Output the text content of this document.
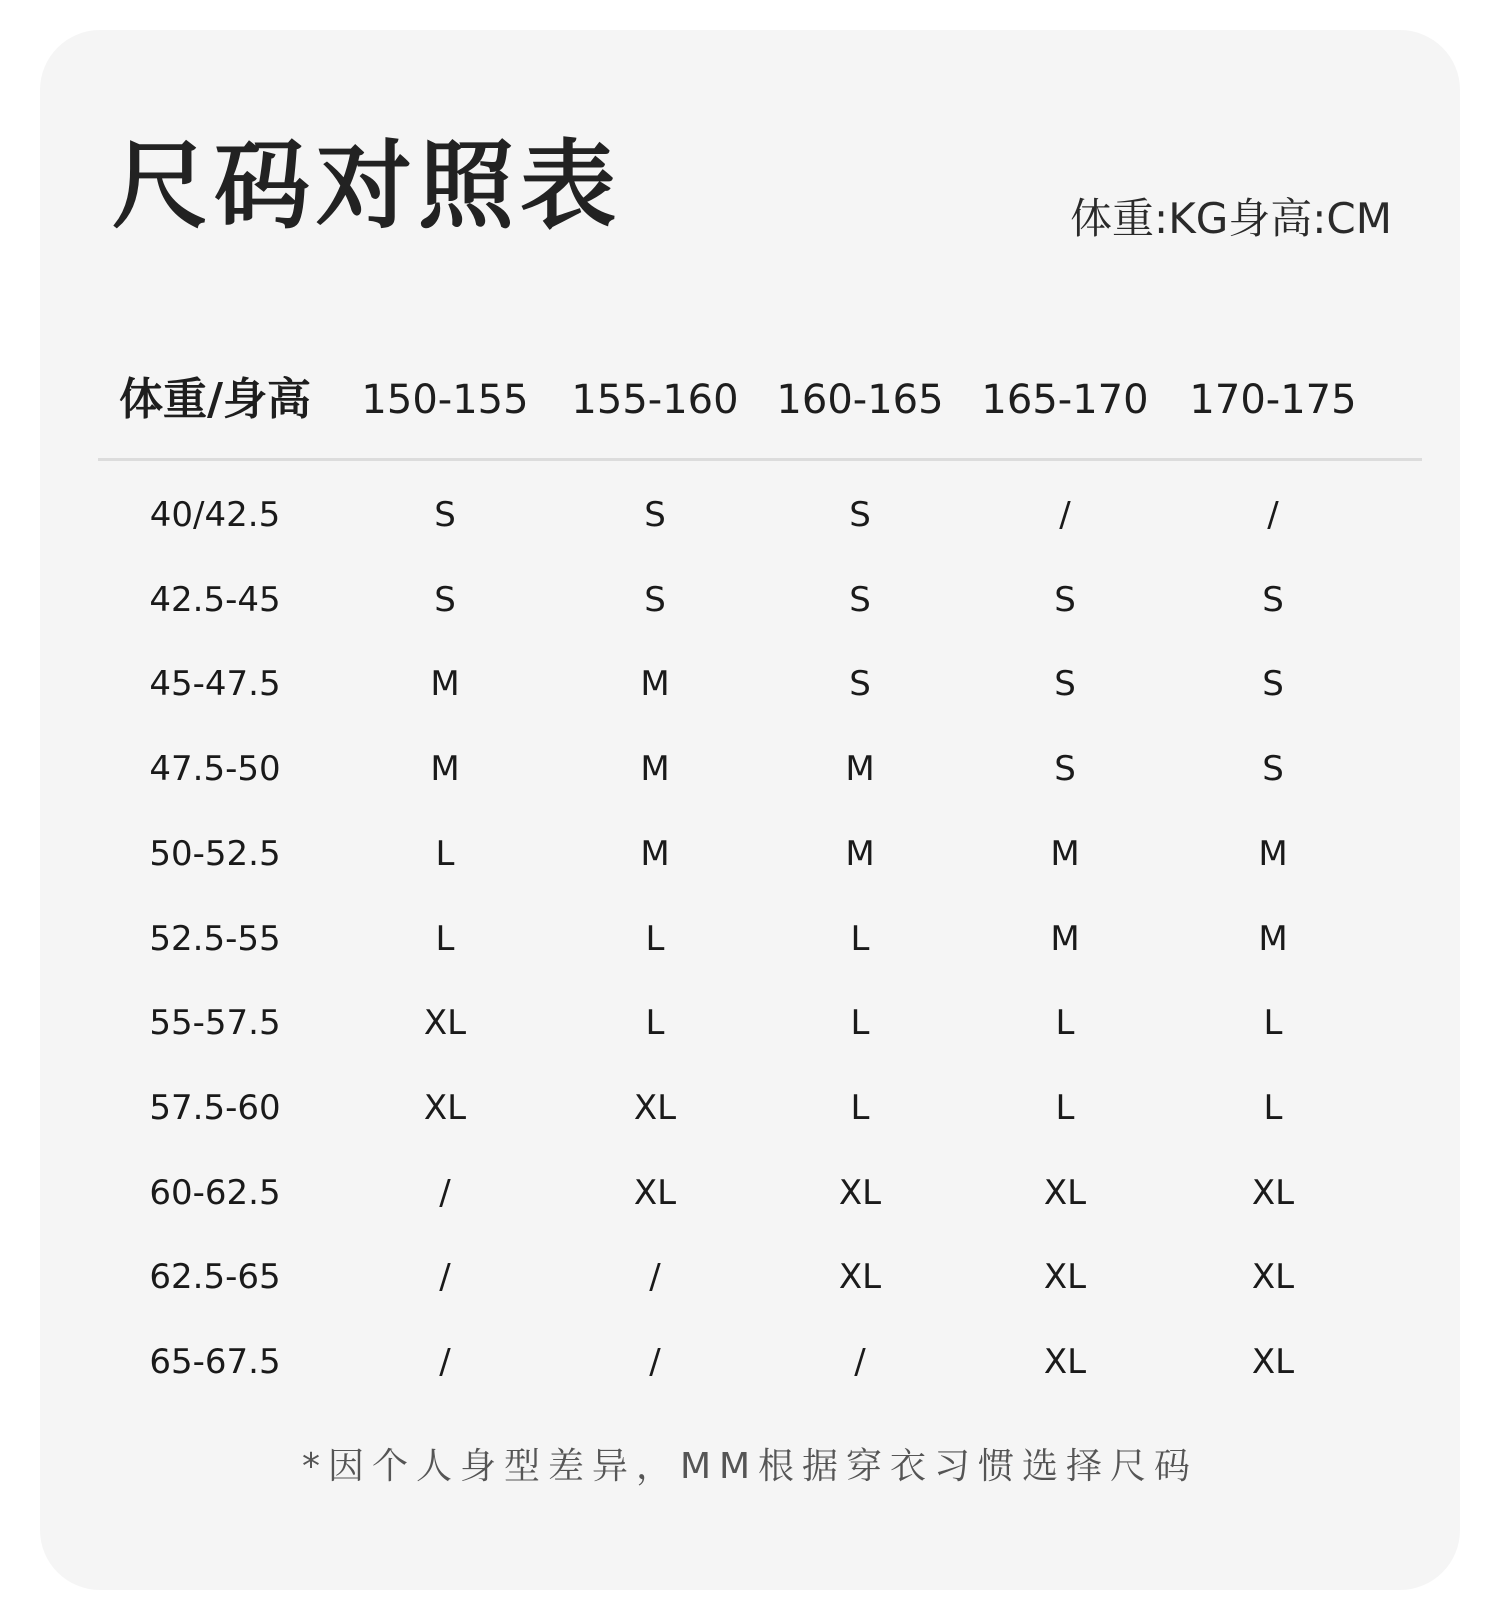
尺码对照表	体重:KG身高:CM
体重/身高	150-155	155-160 160-165 165-170	170-175
40/42.5	S	S	S	/	/
42.5-45	S	S	S	S	S
45-47.5	M	M	S	S	S
47.5-50	M	M	M	S	S
50-52.5	L	M	M	M	M
52.5-55	L	L	L	M	M
55-57.5	XL	L	L	L	L
57.5-60	XL	XL	L	L	L
60-62.5	/	XL	XL	XL	XL
62.5-65	/	/	XL	XL	XL
65-67.5	/	/	/	XL	XL
*因个人身型差异，MM根据穿衣习惯选择尺码
